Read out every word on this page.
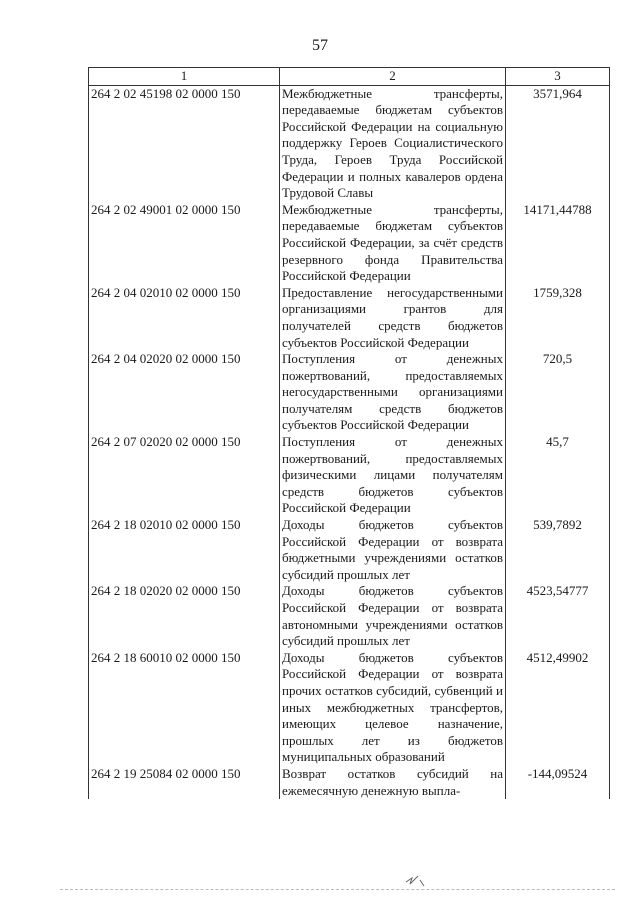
57
1	2	3
264 2 02 45198 02 0000 150	Межбюджетные трансферты, передаваемые бюджетам субъектов Российской Федерации на социальную поддержку Героев Социалистического Труда, Героев Труда Российской Федерации и полных кавалеров ордена Трудовой Славы	3571,964
264 2 02 49001 02 0000 150	Межбюджетные трансферты, передаваемые бюджетам субъектов Российской Федерации, за счёт средств резервного фонда Правительства Российской Федерации	14171,44788
264 2 04 02010 02 0000 150	Предоставление негосударственными организациями грантов для получателей средств бюджетов субъектов Российской Федерации	1759,328
264 2 04 02020 02 0000 150	Поступления от денежных пожертвований, предоставляемых негосударственными организациями получателям средств бюджетов субъектов Российской Федерации	720,5
264 2 07 02020 02 0000 150	Поступления от денежных пожертвований, предоставляемых физическими лицами получателям средств бюджетов субъектов Российской Федерации	45,7
264 2 18 02010 02 0000 150	Доходы бюджетов субъектов Российской Федерации от возврата бюджетными учреждениями остатков субсидий прошлых лет	539,7892
264 2 18 02020 02 0000 150	Доходы бюджетов субъектов Российской Федерации от возврата автономными учреждениями остатков субсидий прошлых лет	4523,54777
264 2 18 60010 02 0000 150	Доходы бюджетов субъектов Российской Федерации от возврата прочих остатков субсидий, субвенций и иных межбюджетных трансфертов, имеющих целевое назначение, прошлых лет из бюджетов муниципальных образований	4512,49902
264 2 19 25084 02 0000 150	Возврат остатков субсидий на ежемесячную денежную выпла-	-144,09524
